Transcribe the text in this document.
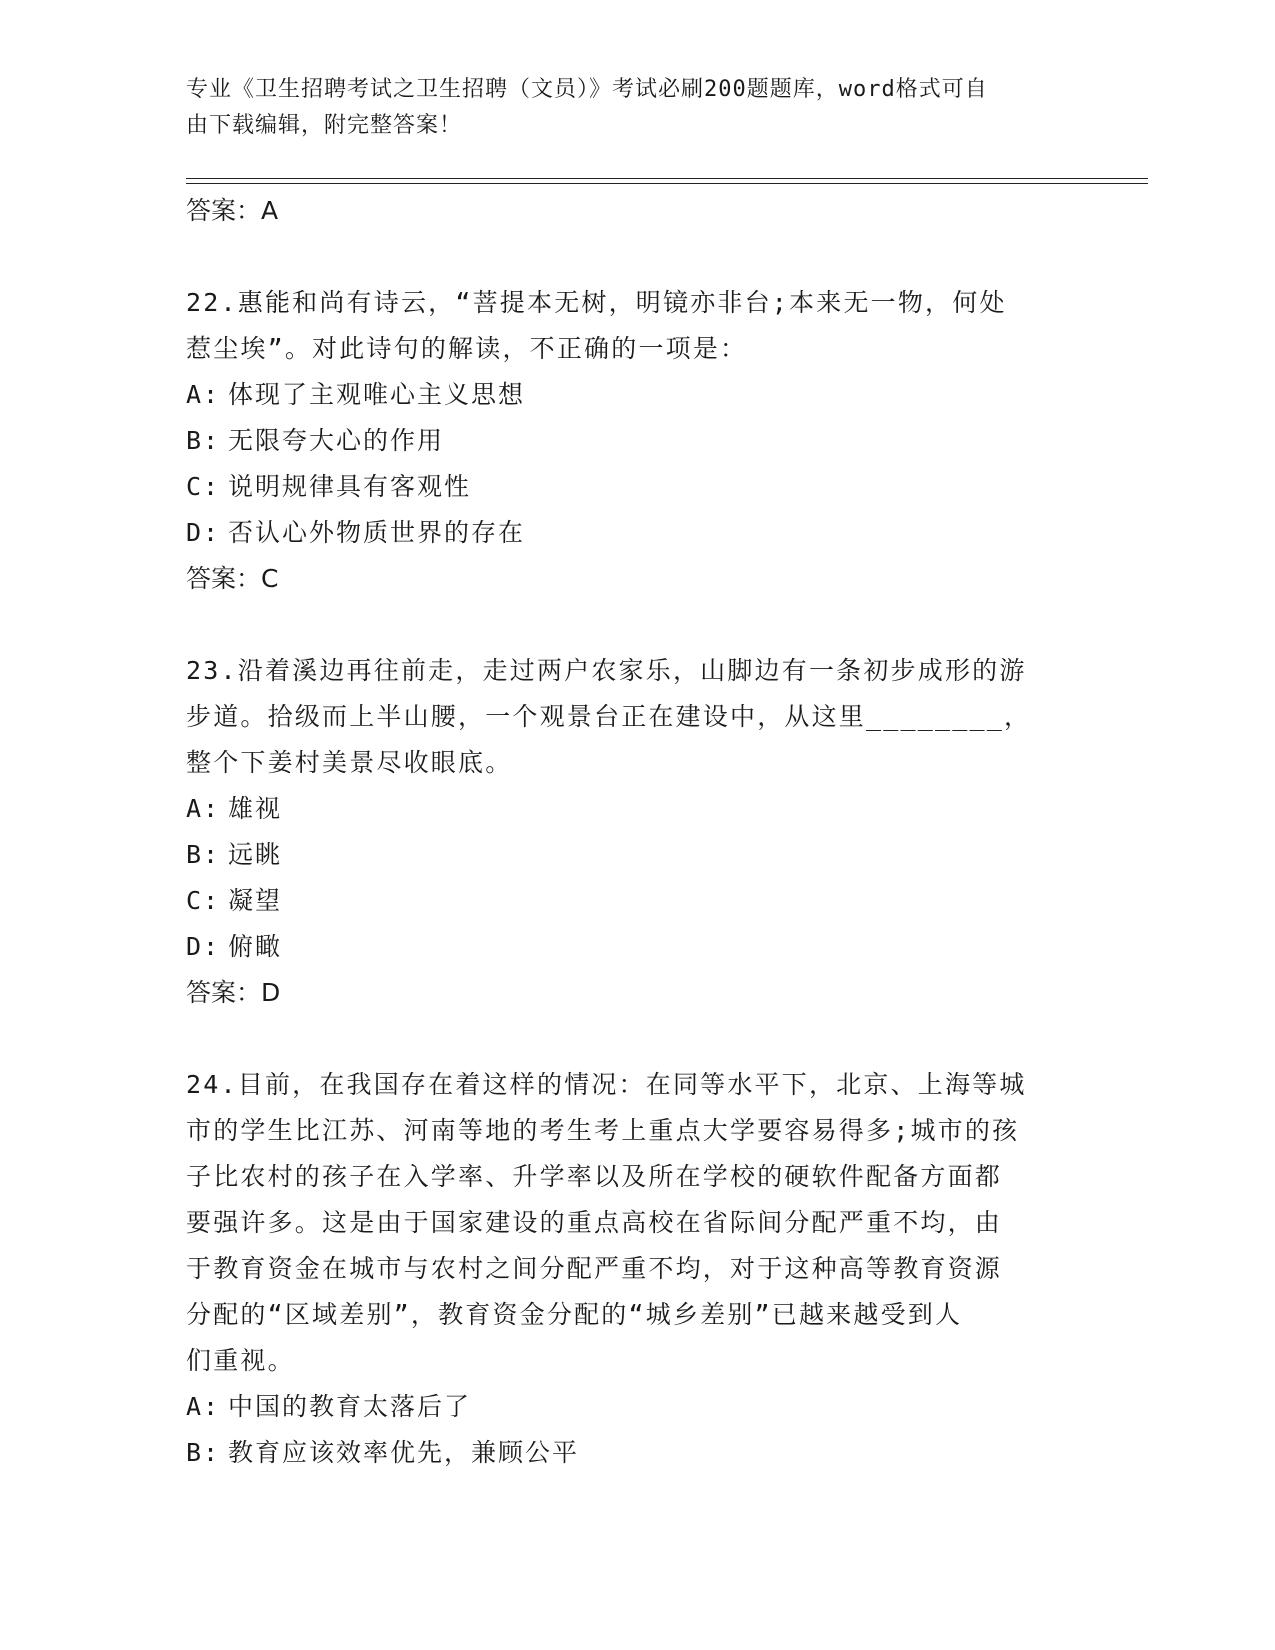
专业《卫生招聘考试之卫生招聘（文员）》考试必刷200题题库，word格式可自
由下载编辑，附完整答案！
答案：A
22.惠能和尚有诗云，“菩提本无树，明镜亦非台;本来无一物，何处
惹尘埃”。对此诗句的解读，不正确的一项是：
A: 体现了主观唯心主义思想
B: 无限夸大心的作用
C: 说明规律具有客观性
D: 否认心外物质世界的存在
答案：C
23.沿着溪边再往前走，走过两户农家乐，山脚边有一条初步成形的游
步道。拾级而上半山腰，一个观景台正在建设中，从这里________，
整个下姜村美景尽收眼底。
A: 雄视
B: 远眺
C: 凝望
D: 俯瞰
答案：D
24.目前，在我国存在着这样的情况：在同等水平下，北京、上海等城
市的学生比江苏、河南等地的考生考上重点大学要容易得多;城市的孩
子比农村的孩子在入学率、升学率以及所在学校的硬软件配备方面都
要强许多。这是由于国家建设的重点高校在省际间分配严重不均，由
于教育资金在城市与农村之间分配严重不均，对于这种高等教育资源
分配的“区域差别”，教育资金分配的“城乡差别”已越来越受到人
们重视。
A: 中国的教育太落后了
B: 教育应该效率优先，兼顾公平
